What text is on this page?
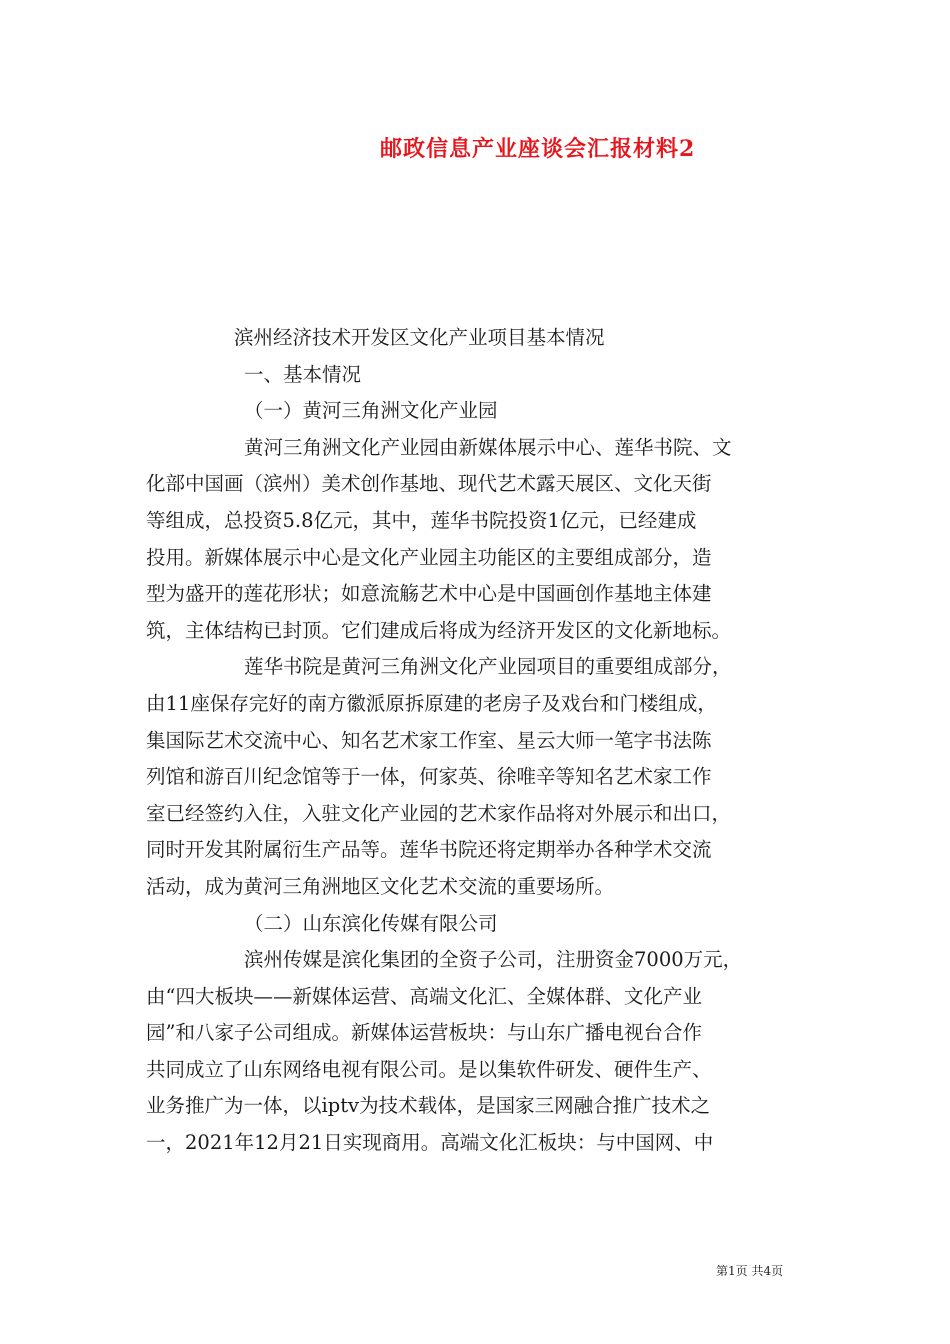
邮政信息产业座谈会汇报材料2
滨州经济技术开发区文化产业项目基本情况
一、基本情况
（一）黄河三角洲文化产业园
黄河三角洲文化产业园由新媒体展示中心、莲华书院、文
化部中国画（滨州）美术创作基地、现代艺术露天展区、文化天街
等组成，总投资5.8亿元，其中，莲华书院投资1亿元，已经建成
投用。新媒体展示中心是文化产业园主功能区的主要组成部分，造
型为盛开的莲花形状；如意流觞艺术中心是中国画创作基地主体建
筑，主体结构已封顶。它们建成后将成为经济开发区的文化新地标。
莲华书院是黄河三角洲文化产业园项目的重要组成部分，
由11座保存完好的南方徽派原拆原建的老房子及戏台和门楼组成，
集国际艺术交流中心、知名艺术家工作室、星云大师一笔字书法陈
列馆和游百川纪念馆等于一体，何家英、徐唯辛等知名艺术家工作
室已经签约入住，入驻文化产业园的艺术家作品将对外展示和出口，
同时开发其附属衍生产品等。莲华书院还将定期举办各种学术交流
活动，成为黄河三角洲地区文化艺术交流的重要场所。
（二）山东滨化传媒有限公司
滨州传媒是滨化集团的全资子公司，注册资金7000万元，
由“四大板块——新媒体运营、高端文化汇、全媒体群、文化产业
园”和八家子公司组成。新媒体运营板块：与山东广播电视台合作
共同成立了山东网络电视有限公司。是以集软件研发、硬件生产、
业务推广为一体，以iptv为技术载体，是国家三网融合推广技术之
一，2021年12月21日实现商用。高端文化汇板块：与中国网、中
第1页 共4页
